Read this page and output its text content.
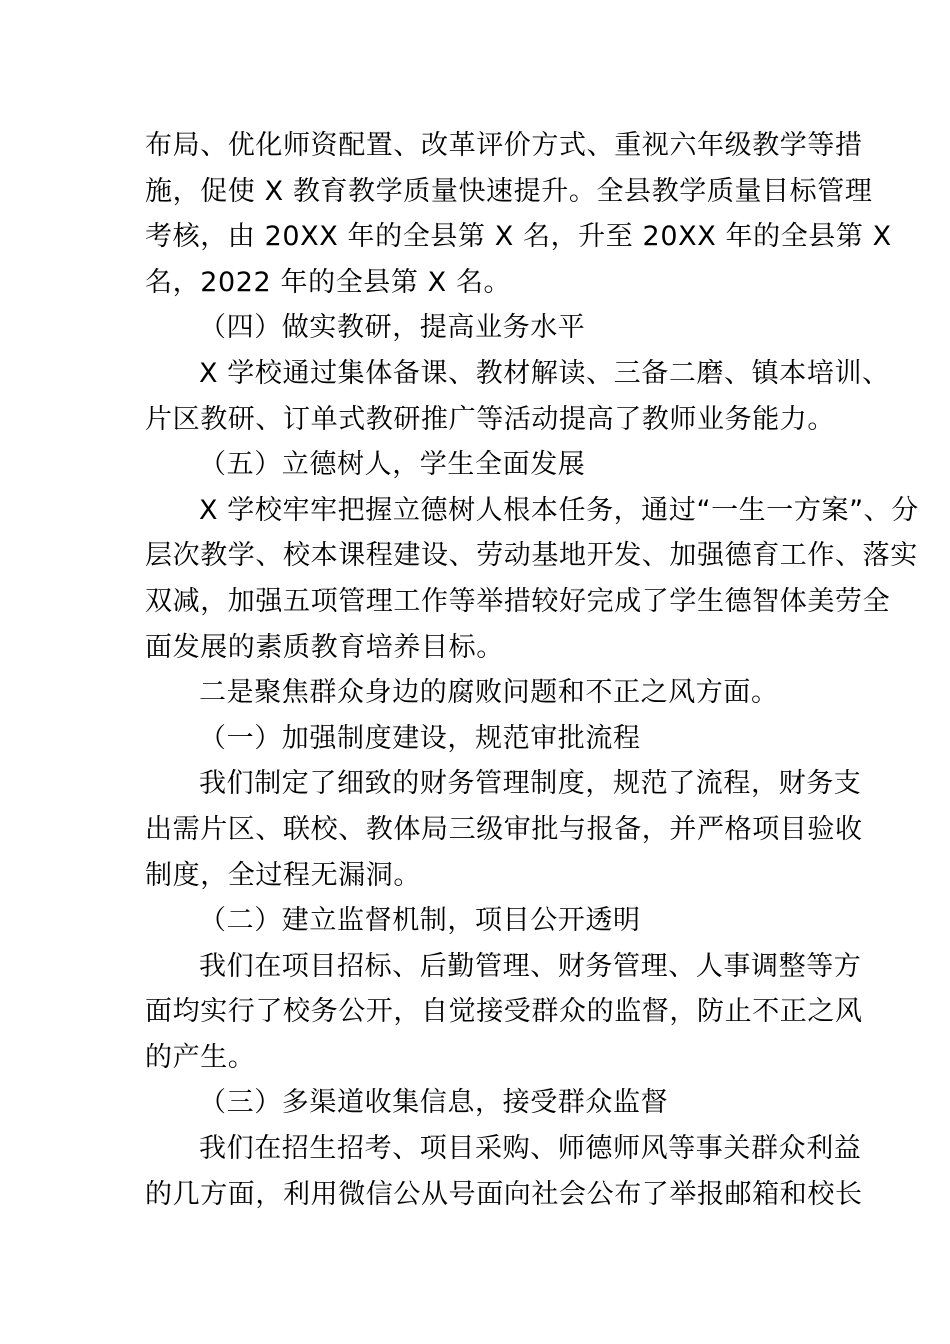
布局、优化师资配置、改革评价方式、重视六年级教学等措
施，促使 X 教育教学质量快速提升。全县教学质量目标管理
考核，由 20XX 年的全县第 X 名，升至 20XX 年的全县第 X
名，2022 年的全县第 X 名。
（四）做实教研，提高业务水平
X 学校通过集体备课、教材解读、三备二磨、镇本培训、
片区教研、订单式教研推广等活动提高了教师业务能力。
（五）立德树人，学生全面发展
X 学校牢牢把握立德树人根本任务，通过“一生一方案”、分
层次教学、校本课程建设、劳动基地开发、加强德育工作、落实
双减，加强五项管理工作等举措较好完成了学生德智体美劳全
面发展的素质教育培养目标。
二是聚焦群众身边的腐败问题和不正之风方面。
（一）加强制度建设，规范审批流程
我们制定了细致的财务管理制度，规范了流程，财务支
出需片区、联校、教体局三级审批与报备，并严格项目验收
制度，全过程无漏洞。
（二）建立监督机制，项目公开透明
我们在项目招标、后勤管理、财务管理、人事调整等方
面均实行了校务公开，自觉接受群众的监督，防止不正之风
的产生。
（三）多渠道收集信息，接受群众监督
我们在招生招考、项目采购、师德师风等事关群众利益
的几方面，利用微信公从号面向社会公布了举报邮箱和校长
